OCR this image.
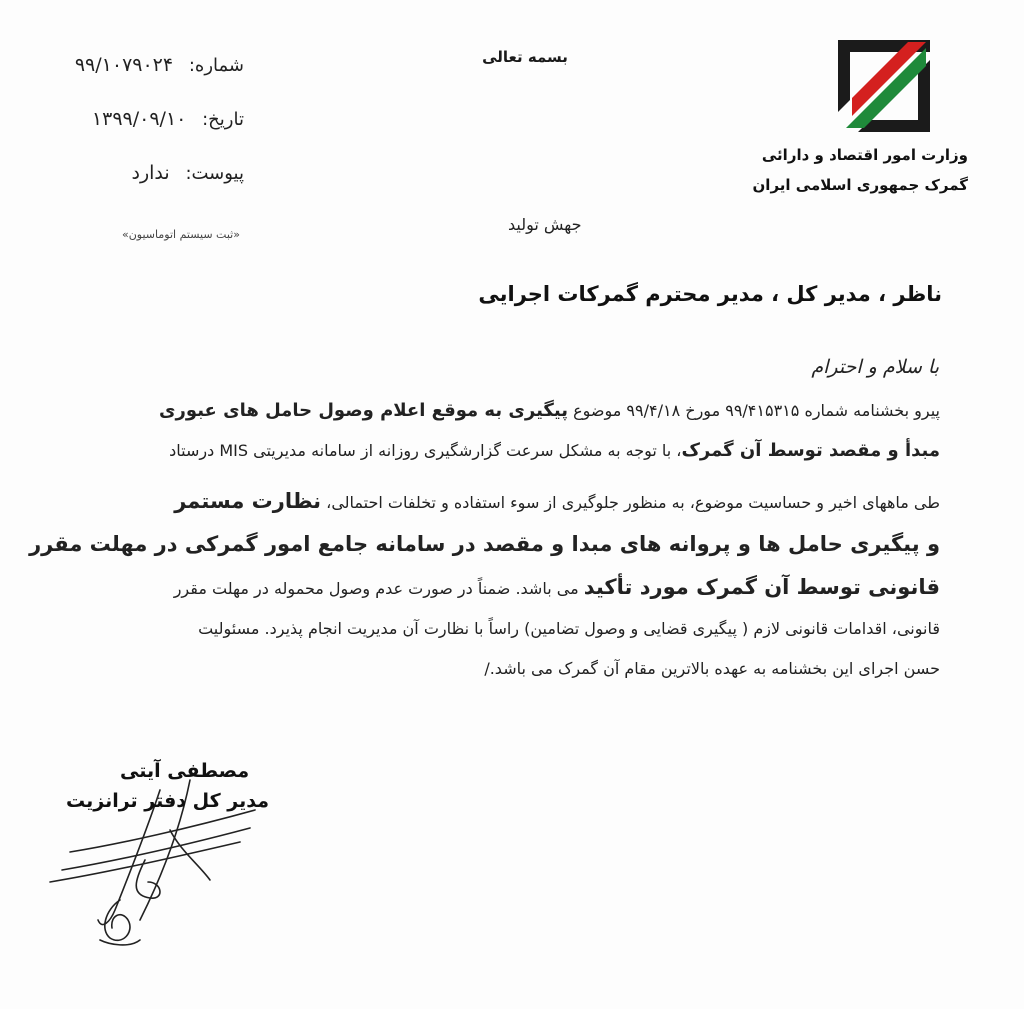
وزارت امور اقتصاد و دارائی
گمرک جمهوری اسلامی ایران
بسمه تعالی
شماره: ۹۹/۱۰۷۹۰۲۴
تاریخ: ۱۳۹۹/۰۹/۱۰
پیوست: ندارد
«ثبت سیستم اتوماسیون»
جهش تولید
ناظر ، مدیر کل ، مدیر محترم گمرکات اجرایی
با سلام و احترام
پیرو بخشنامه شماره ۹۹/۴۱۵۳۱۵ مورخ ۹۹/۴/۱۸ موضوع پیگیری به موقع اعلام وصول حامل های عبوری
مبدأ و مقصد توسط آن گمرک، با توجه به مشکل سرعت گزارشگیری روزانه از سامانه مدیریتی MIS درستاد
طی ماههای اخیر و حساسیت موضوع، به منظور جلوگیری از سوء استفاده و تخلفات احتمالی، نظارت مستمر
و پیگیری حامل ها و پروانه های مبدا و مقصد در سامانه جامع امور گمرکی در مهلت مقرر
قانونی توسط آن گمرک مورد تأکید می باشد. ضمناً در صورت عدم وصول محموله در مهلت مقرر
قانونی، اقدامات قانونی لازم ( پیگیری قضایی و وصول تضامین) راساً با نظارت آن مدیریت انجام پذیرد. مسئولیت
حسن اجرای این بخشنامه به عهده بالاترین مقام آن گمرک می باشد./
مصطفی آیتی
مدیر کل دفتر ترانزیت
